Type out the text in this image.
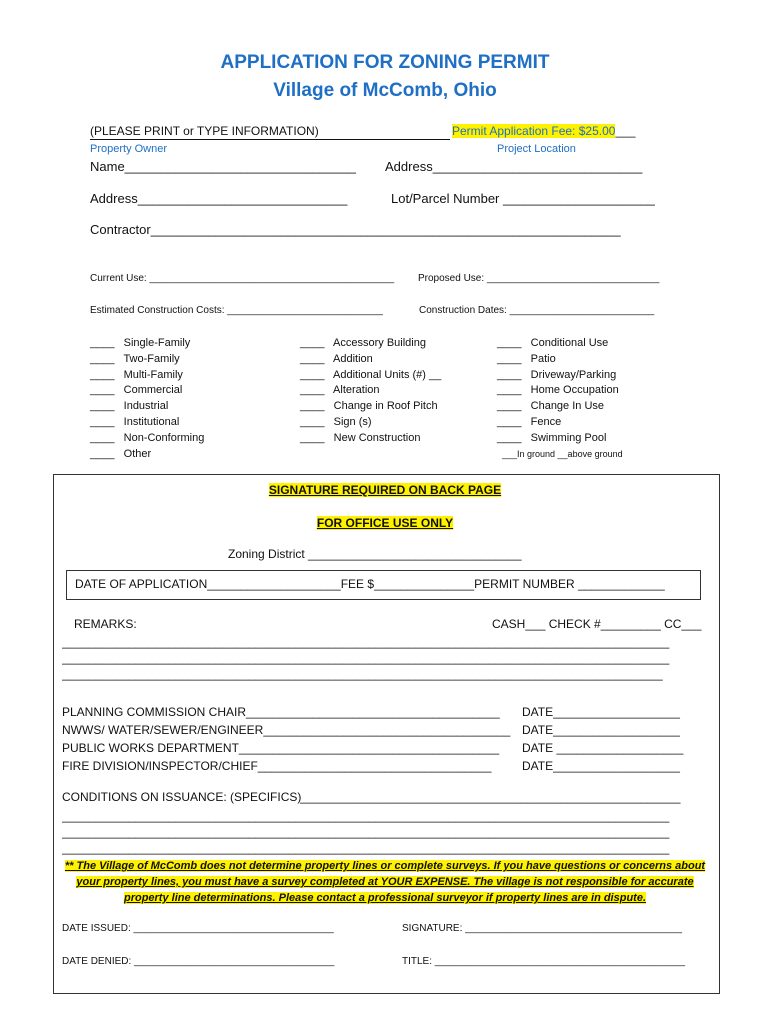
APPLICATION FOR ZONING PERMIT
Village of McComb, Ohio
(PLEASE PRINT or TYPE INFORMATION)	Permit Application Fee: $25.00___
Property Owner	Project Location
Name________________________________ Address_____________________________
Address_____________________________	Lot/Parcel Number _____________________
Contractor_________________________________________________________________
Current Use: ____________________________________________ Proposed Use: _______________________________
Estimated Construction Costs: ____________________________	Construction Dates: __________________________
____   Single-Family
____   Two-Family
____   Multi-Family
____   Commercial
____   Industrial
____   Institutional
____   Non-Conforming
____   Other
____   Accessory Building
____   Addition
____   Additional Units (#) __
____   Alteration
____   Change in Roof Pitch
____   Sign (s)
____   New Construction
____   Conditional Use
____   Patio
____   Driveway/Parking
____   Home Occupation
____   Change In Use
____   Fence
____   Swimming Pool
___In ground __above ground
SIGNATURE REQUIRED ON BACK PAGE
FOR OFFICE USE ONLY
Zoning District ________________________________
DATE OF APPLICATION____________________FEE $_______________PERMIT NUMBER _____________
REMARKS:	CASH___ CHECK #_________ CC___
___________________________________________________________________________________________
___________________________________________________________________________________________
__________________________________________________________________________________________
PLANNING COMMISSION CHAIR______________________________________ DATE___________________
NWWS/ WATER/SEWER/ENGINEER_____________________________________ DATE___________________
PUBLIC WORKS DEPARTMENT_______________________________________ DATE ___________________
FIRE DIVISION/INSPECTOR/CHIEF___________________________________	DATE___________________
CONDITIONS ON ISSUANCE: (SPECIFICS)
_________________________________________________________
___________________________________________________________________________________________
___________________________________________________________________________________________
___________________________________________________________________________________________
** The Village of McComb does not determine property lines or complete surveys. If you have questions or concerns about your property lines, you must have a survey completed at YOUR EXPENSE. The village is not responsible for accurate property line determinations. Please contact a professional surveyor if property lines are in dispute.
DATE ISSUED: ____________________________________	SIGNATURE: _______________________________________
DATE DENIED: ____________________________________	TITLE: _____________________________________________
